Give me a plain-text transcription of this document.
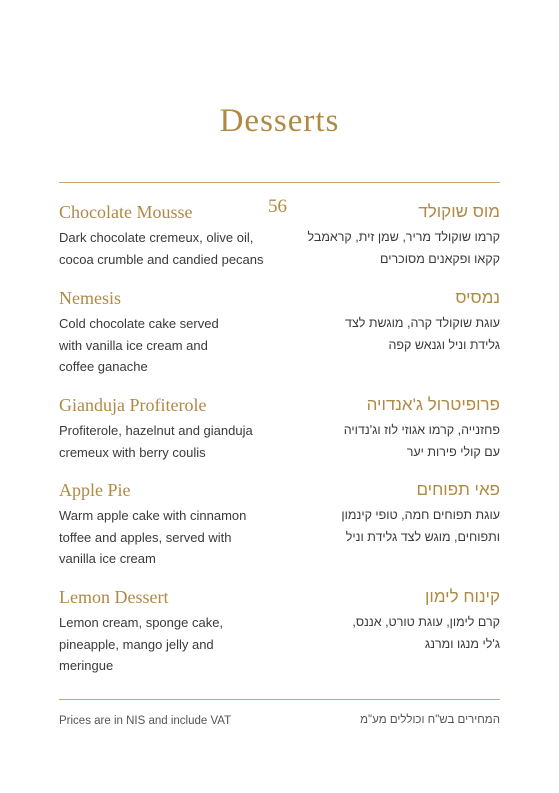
Desserts
Chocolate Mousse	56	מוס שוקולד
Dark chocolate cremeux, olive oil, cocoa crumble and candied pecans
קרמו שוקולד מריר, שמן זית, קראמבל קקאו ופקאנים מסוכרים
Nemesis	נמסיס
Cold chocolate cake served with vanilla ice cream and coffee ganache
עוגת שוקולד קרה, מוגשת לצד גלידת וניל וגנאש קפה
Gianduja Profiterole	פרופיטרול ג'אנדויה
Profiterole, hazelnut and gianduja cremeux with berry coulis
פחזנייה, קרמו אגוזי לוז וג'נדויה עם קולי פירות יער
Apple Pie	פאי תפוחים
Warm apple cake with cinnamon toffee and apples, served with vanilla ice cream
עוגת תפוחים חמה, טופי קינמון ותפוחים, מוגש לצד גלידת וניל
Lemon Dessert	קינוח לימון
Lemon cream, sponge cake, pineapple, mango jelly and meringue
קרם לימון, עוגת טורט, אננס, ג'לי מנגו ומרנג
Prices are in NIS and include VAT	המחירים בש"ח וכוללים מע"מ
